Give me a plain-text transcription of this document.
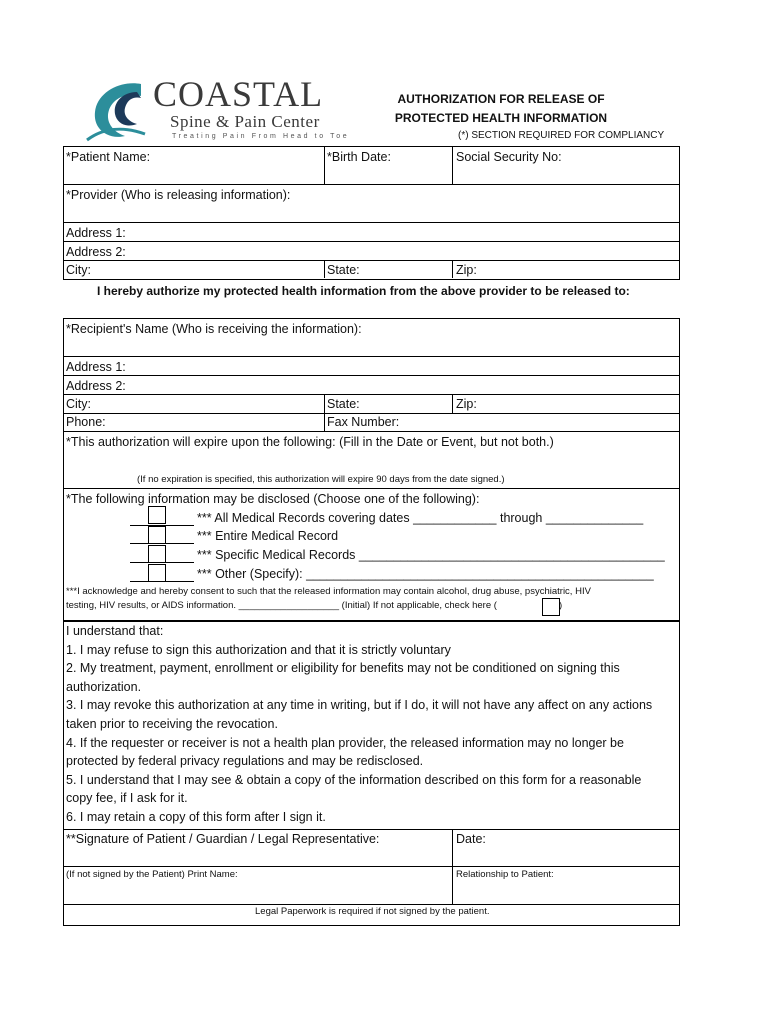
COASTAL
Spine & Pain Center
Treating Pain From Head to Toe
AUTHORIZATION FOR RELEASE OF
PROTECTED HEALTH INFORMATION
(*) SECTION REQUIRED FOR COMPLIANCY
*Patient Name:	*Birth Date:	Social Security No:
*Provider (Who is releasing information):
Address 1:
Address 2:
City:	State:	Zip:
I hereby authorize my protected health information from the above provider to be released to:
*Recipient's Name (Who is receiving the information):
Address 1:
Address 2:
City:	State:	Zip:
Phone:	Fax Number:
*This authorization will expire upon the following: (Fill in the Date or Event, but not both.)
(If no expiration is specified, this authorization will expire 90 days from the date signed.)
*The following information may be disclosed (Choose one of the following):
*** All Medical Records covering dates ____________ through ______________
*** Entire Medical Record
*** Specific Medical Records ____________________________________________
*** Other (Specify): __________________________________________________
***I acknowledge and hereby consent to such that the released information may contain alcohol, drug abuse, psychiatric, HIV
testing, HIV results, or AIDS information. ___________________ (Initial) If not applicable, check here (	)
I understand that:
1. I may refuse to sign this authorization and that it is strictly voluntary
2. My treatment, payment, enrollment or eligibility for benefits may not be conditioned on signing this
authorization.
3. I may revoke this authorization at any time in writing, but if I do, it will not have any affect on any actions
taken prior to receiving the revocation.
4. If the requester or receiver is not a health plan provider, the released information may no longer be
protected by federal privacy regulations and may be redisclosed.
5. I understand that I may see & obtain a copy of the information described on this form for a reasonable
copy fee, if I ask for it.
6. I may retain a copy of this form after I sign it.
**Signature of Patient / Guardian / Legal Representative:	Date:
(If not signed by the Patient) Print Name:	Relationship to Patient:
Legal Paperwork is required if not signed by the patient.
